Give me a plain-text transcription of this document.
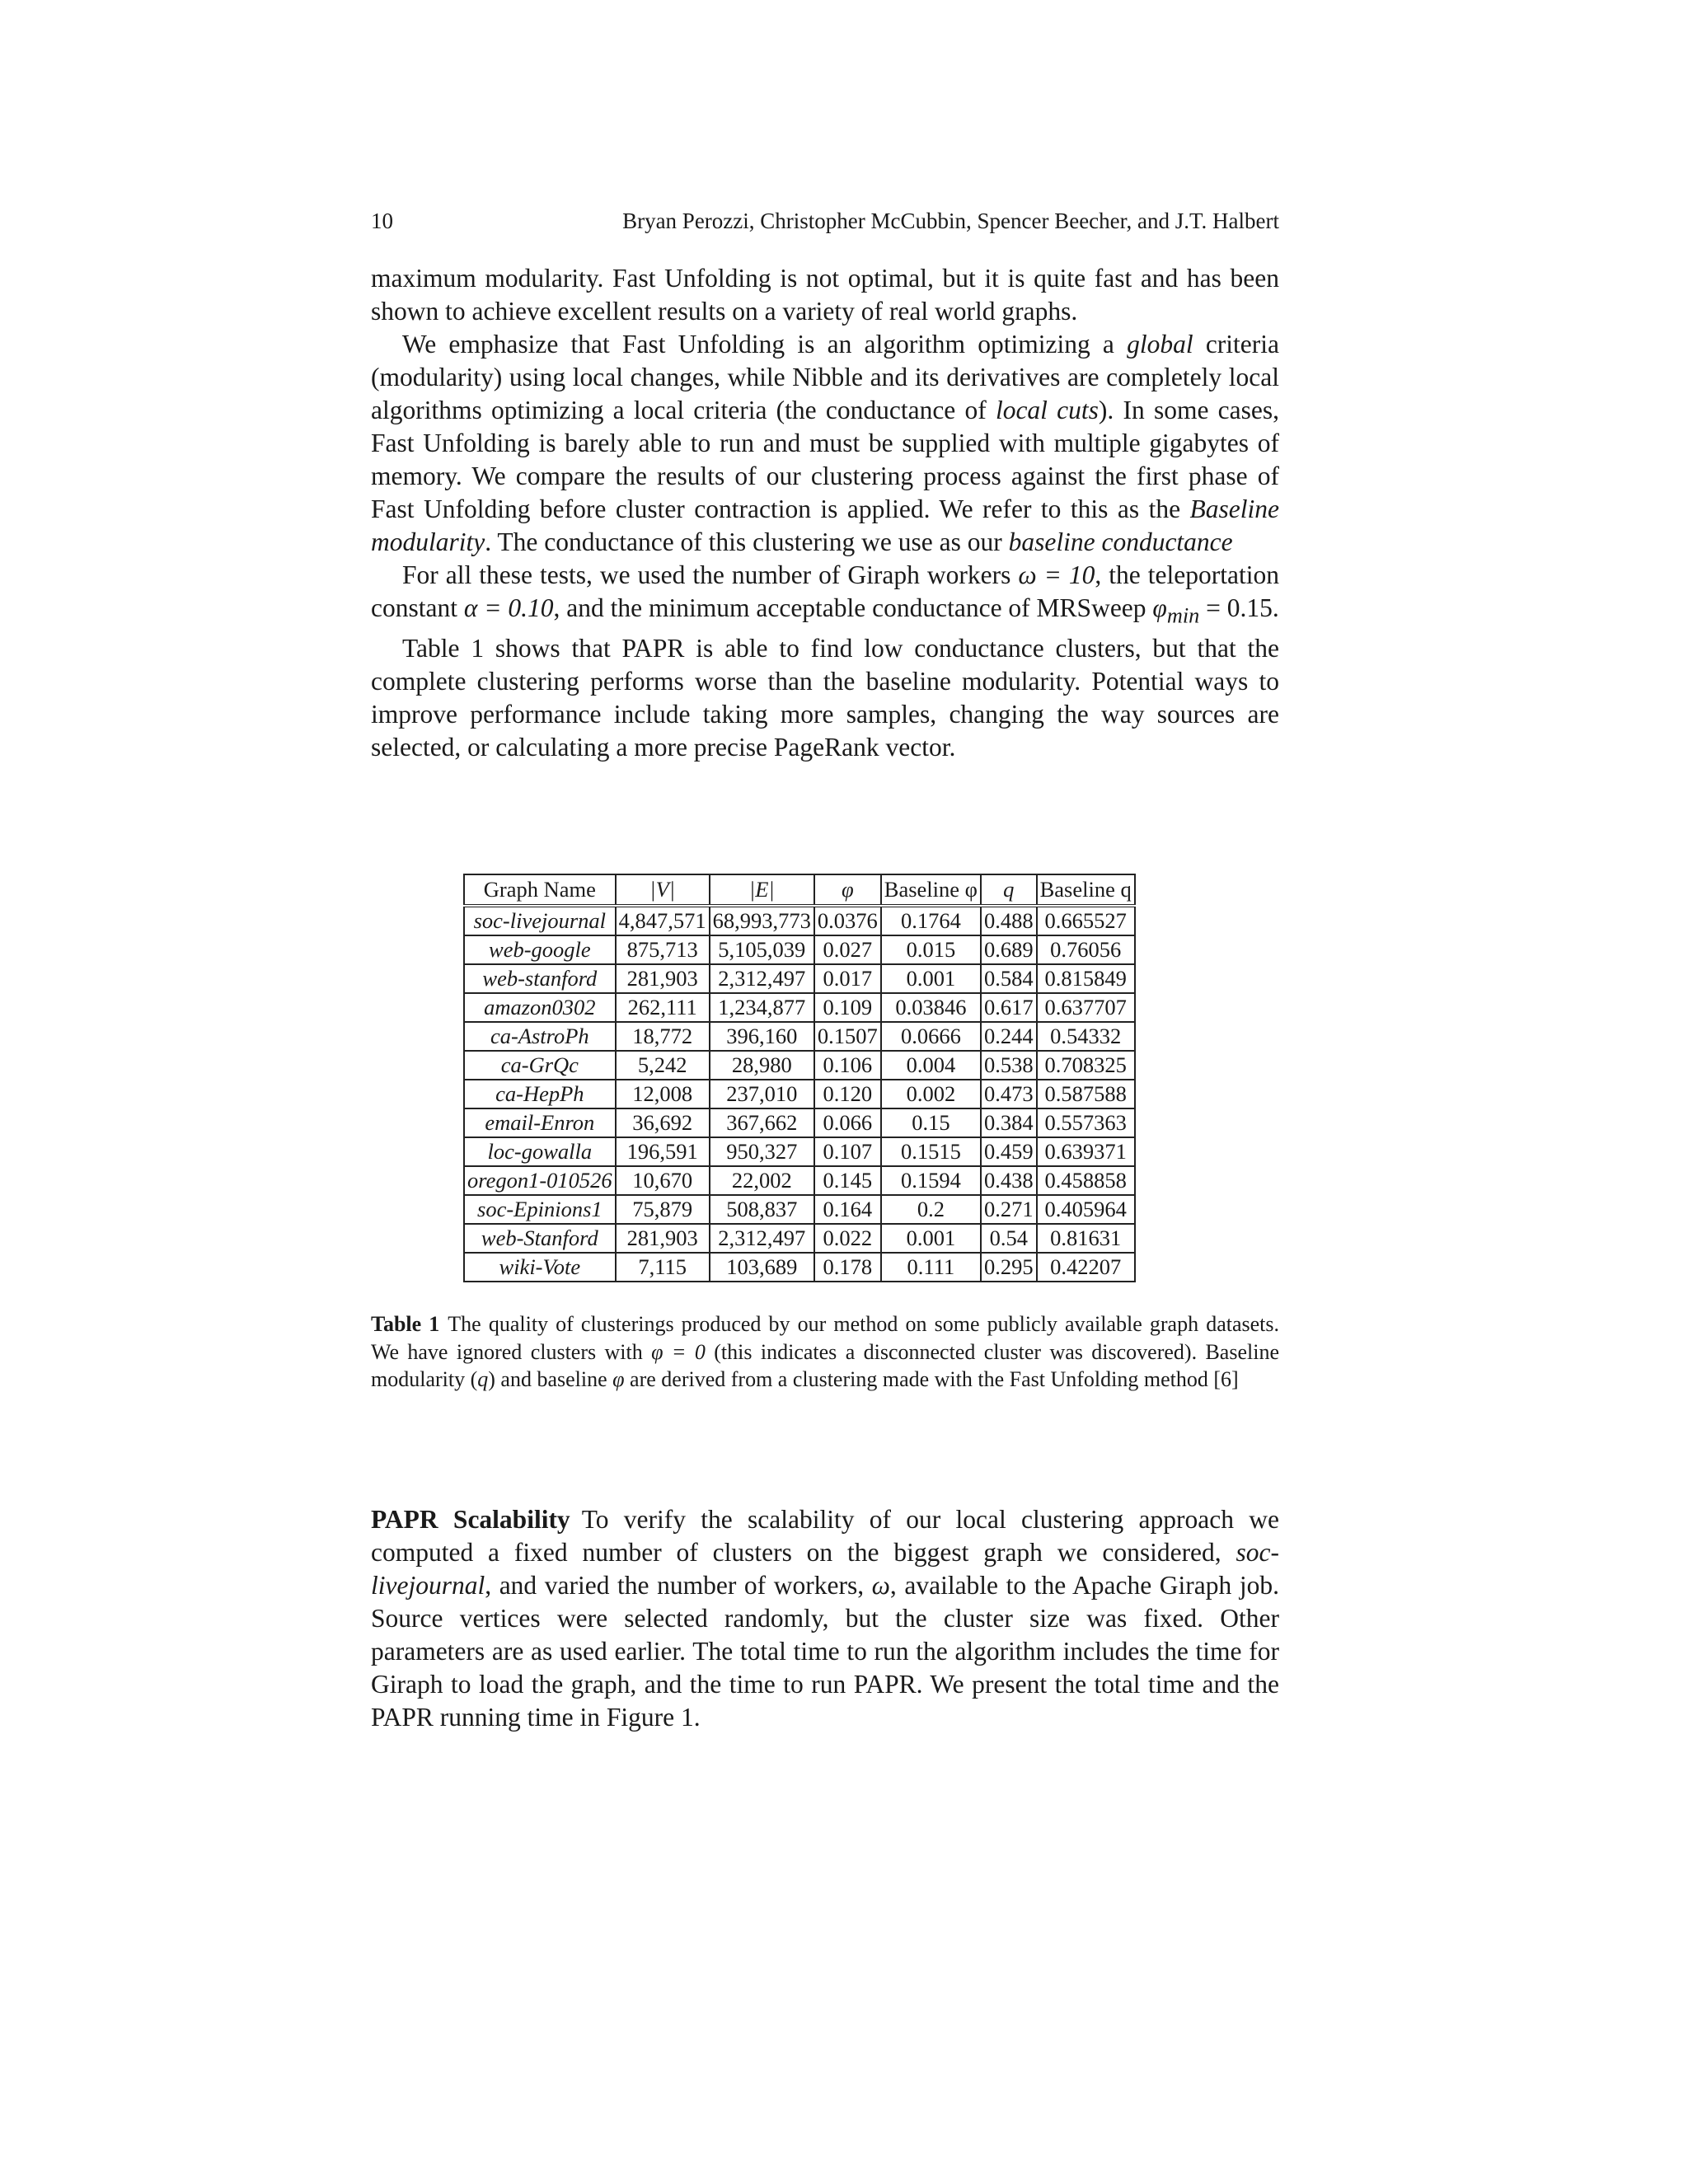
10	Bryan Perozzi, Christopher McCubbin, Spencer Beecher, and J.T. Halbert

maximum modularity. Fast Unfolding is not optimal, but it is quite fast and has been shown to achieve excellent results on a variety of real world graphs.

We emphasize that Fast Unfolding is an algorithm optimizing a global criteria (modularity) using local changes, while Nibble and its derivatives are completely local algorithms optimizing a local criteria (the conductance of local cuts). In some cases, Fast Unfolding is barely able to run and must be supplied with multiple gigabytes of memory. We compare the results of our clustering process against the first phase of Fast Unfolding before cluster contraction is applied. We refer to this as the Baseline modularity. The conductance of this clustering we use as our baseline conductance

For all these tests, we used the number of Giraph workers ω = 10, the teleportation constant α = 0.10, and the minimum acceptable conductance of MRSweep $\varphi_{min} = 0.15$.

Table 1 shows that PAPR is able to find low conductance clusters, but that the complete clustering performs worse than the baseline modularity. Potential ways to improve performance include taking more samples, changing the way sources are selected, or calculating a more precise PageRank vector.

Graph Name	|V|	|E|	φ	Baseline φ	q	Baseline q
soc-livejournal	4,847,571	68,993,773	0.0376	0.1764	0.488	0.665527
web-google	875,713	5,105,039	0.027	0.015	0.689	0.76056
web-stanford	281,903	2,312,497	0.017	0.001	0.584	0.815849
amazon0302	262,111	1,234,877	0.109	0.03846	0.617	0.637707
ca-AstroPh	18,772	396,160	0.1507	0.0666	0.244	0.54332
ca-GrQc	5,242	28,980	0.106	0.004	0.538	0.708325
ca-HepPh	12,008	237,010	0.120	0.002	0.473	0.587588
email-Enron	36,692	367,662	0.066	0.15	0.384	0.557363
loc-gowalla	196,591	950,327	0.107	0.1515	0.459	0.639371
oregon1-010526	10,670	22,002	0.145	0.1594	0.438	0.458858
soc-Epinions1	75,879	508,837	0.164	0.2	0.271	0.405964
web-Stanford	281,903	2,312,497	0.022	0.001	0.54	0.81631
wiki-Vote	7,115	103,689	0.178	0.111	0.295	0.42207
Table 1 The quality of clusterings produced by our method on some publicly available graph datasets. We have ignored clusters with φ = 0 (this indicates a disconnected cluster was discovered). Baseline modularity (q) and baseline φ are derived from a clustering made with the Fast Unfolding method [6]
PAPR Scalability To verify the scalability of our local clustering approach we computed a fixed number of clusters on the biggest graph we considered, soc-livejournal, and varied the number of workers, ω, available to the Apache Giraph job. Source vertices were selected randomly, but the cluster size was fixed. Other parameters are as used earlier. The total time to run the algorithm includes the time for Giraph to load the graph, and the time to run PAPR. We present the total time and the PAPR running time in Figure 1.
